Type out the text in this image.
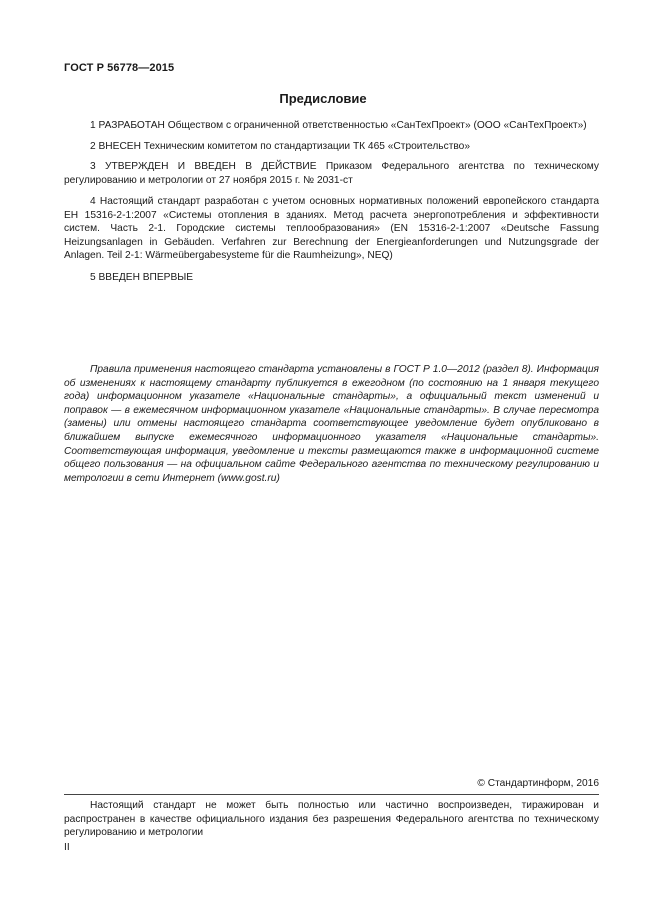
ГОСТ Р 56778—2015
Предисловие

1 РАЗРАБОТАН Обществом с ограниченной ответственностью «СанТехПроект» (ООО «СанТехПроект»)

2 ВНЕСЕН Техническим комитетом по стандартизации ТК 465 «Строительство»

3 УТВЕРЖДЕН И ВВЕДЕН В ДЕЙСТВИЕ Приказом Федерального агентства по техническому регулированию и метрологии от 27 ноября 2015 г. № 2031-ст

4 Настоящий стандарт разработан с учетом основных нормативных положений европейского стандарта ЕН 15316-2-1:2007 «Системы отопления в зданиях. Метод расчета энергопотребления и эффективности систем. Часть 2-1. Городские системы теплообразования» (EN 15316-2-1:2007 «Deutsche Fassung Heizungsanlagen in Gebäuden. Verfahren zur Berechnung der Energieanforderungen und Nutzungsgrade der Anlagen. Teil 2-1: Wärmeübergabesysteme für die Raumheizung», NEQ)

5 ВВЕДЕН ВПЕРВЫЕ

Правила применения настоящего стандарта установлены в ГОСТ Р 1.0—2012 (раздел 8). Информация об изменениях к настоящему стандарту публикуется в ежегодном (по состоянию на 1 января текущего года) информационном указателе «Национальные стандарты», а официальный текст изменений и поправок — в ежемесячном информационном указателе «Национальные стандарты». В случае пересмотра (замены) или отмены настоящего стандарта соответствующее уведомление будет опубликовано в ближайшем выпуске ежемесячного информационного указателя «Национальные стандарты». Соответствующая информация, уведомление и тексты размещаются также в информационной системе общего пользования — на официальном сайте Федерального агентства по техническому регулированию и метрологии в сети Интернет (www.gost.ru)

© Стандартинформ, 2016

Настоящий стандарт не может быть полностью или частично воспроизведен, тиражирован и распространен в качестве официального издания без разрешения Федерального агентства по техническому регулированию и метрологии

II
